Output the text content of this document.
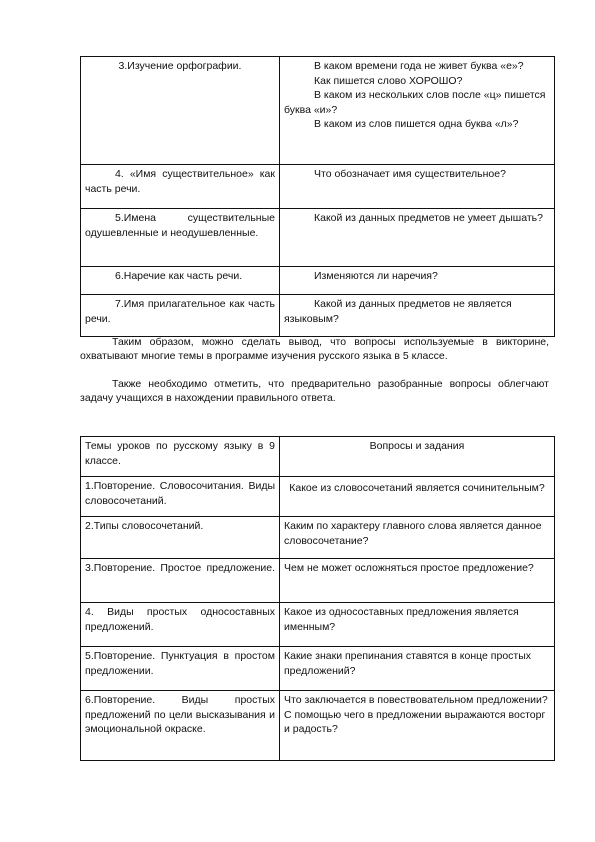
3.Изучение орфографии.	В каком времени года не живет буква «е»?
Как пишется слово ХОРОШО?
В каком из нескольких слов после «ц» пишется буква «и»?
В каком из слов пишется одна буква «л»?

4. «Имя существительное» как часть речи.	Что обозначает имя существительное?
5.Имена существительные одушевленные и неодушевленные.	Какой из данных предметов не умеет дышать?
6.Наречие как часть речи.	Изменяются ли наречия?
7.Имя прилагательное как часть речи.	Какой из данных предметов не является языковым?
Таким образом, можно сделать вывод, что вопросы используемые в викторине, охватывают многие темы в программе изучения русского языка в 5 классе.
Также необходимо отметить, что предварительно разобранные вопросы облегчают задачу учащихся в нахождении правильного ответа.
Темы уроков по русскому языку в 9 классе.	Вопросы и задания
1.Повторение. Словосочитания. Виды словосочетаний.	Какое из словосочетаний является сочинительным?
2.Типы словосочетаний.	Каким по характеру главного слова является данное словосочетание?
3.Повторение. Простое предложение.	Чем не может осложняться простое предложение?
4. Виды простых односоставных предложений.	Какое из односоставных предложения является именным?
5.Повторение. Пунктуация в простом предложении.	Какие знаки препинания ставятся в конце простых предложений?
6.Повторение. Виды простых предложений по цели высказывания и эмоциональной окраске.	Что заключается в повествовательном предложении? С помощью чего в предложении выражаются восторг и радость?
